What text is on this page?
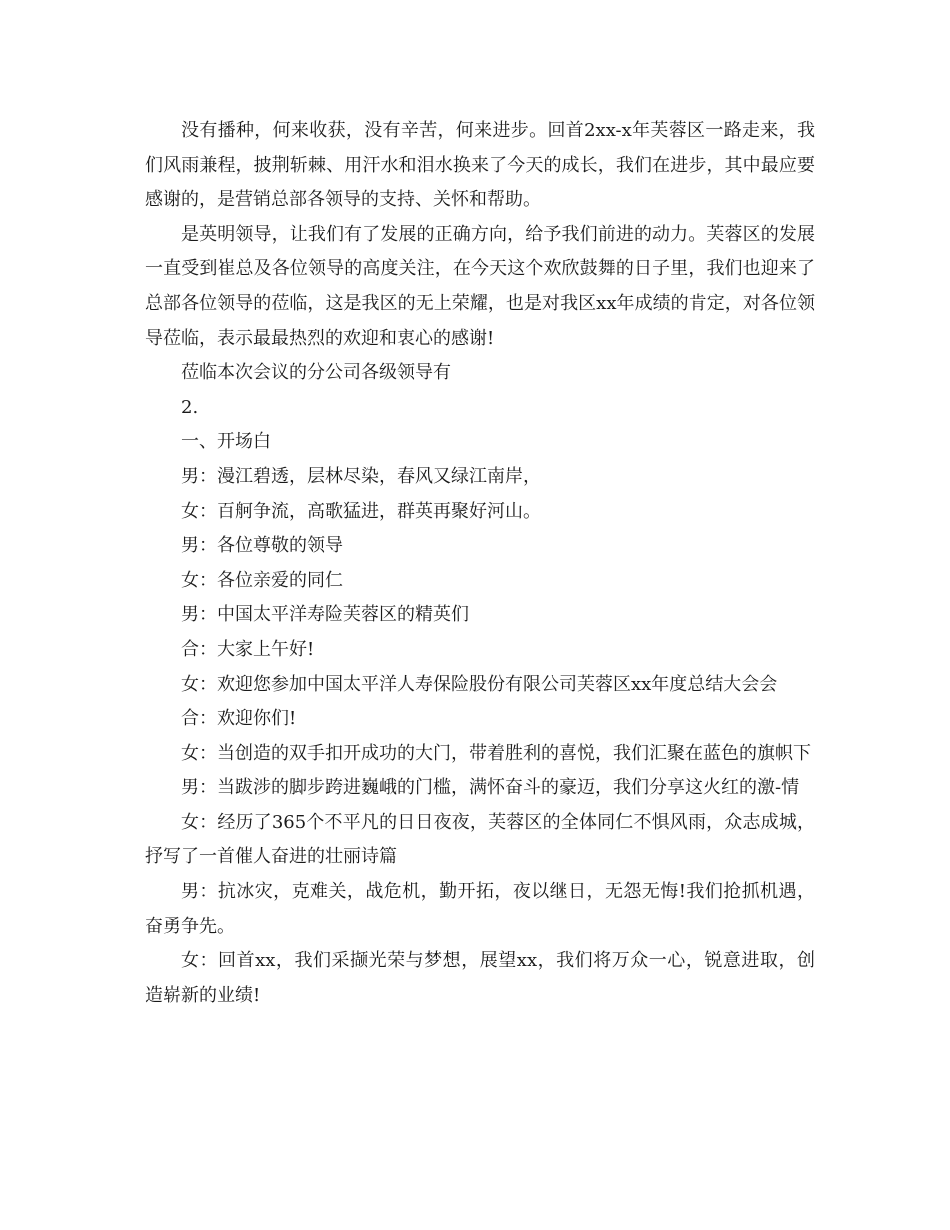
没有播种，何来收获，没有辛苦，何来进步。回首2xx-x年芙蓉区一路走来，我们风雨兼程，披荆斩棘、用汗水和泪水换来了今天的成长，我们在进步，其中最应要感谢的，是营销总部各领导的支持、关怀和帮助。

是英明领导，让我们有了发展的正确方向，给予我们前进的动力。芙蓉区的发展一直受到崔总及各位领导的高度关注，在今天这个欢欣鼓舞的日子里，我们也迎来了总部各位领导的莅临，这是我区的无上荣耀，也是对我区xx年成绩的肯定，对各位领导莅临，表示最最热烈的欢迎和衷心的感谢!

莅临本次会议的分公司各级领导有

2.

一、开场白

男：漫江碧透，层林尽染，春风又绿江南岸，

女：百舸争流，高歌猛进，群英再聚好河山。

男：各位尊敬的领导

女：各位亲爱的同仁

男：中国太平洋寿险芙蓉区的精英们

合：大家上午好!

女：欢迎您参加中国太平洋人寿保险股份有限公司芙蓉区xx年度总结大会会

合：欢迎你们!

女：当创造的双手扣开成功的大门，带着胜利的喜悦，我们汇聚在蓝色的旗帜下

男：当跋涉的脚步跨进巍峨的门槛，满怀奋斗的豪迈，我们分享这火红的激-情

女：经历了365个不平凡的日日夜夜，芙蓉区的全体同仁不惧风雨，众志成城，抒写了一首催人奋进的壮丽诗篇

男：抗冰灾，克难关，战危机，勤开拓，夜以继日，无怨无悔!我们抢抓机遇，奋勇争先。

女：回首xx，我们采撷光荣与梦想，展望xx，我们将万众一心，锐意进取，创造崭新的业绩!
